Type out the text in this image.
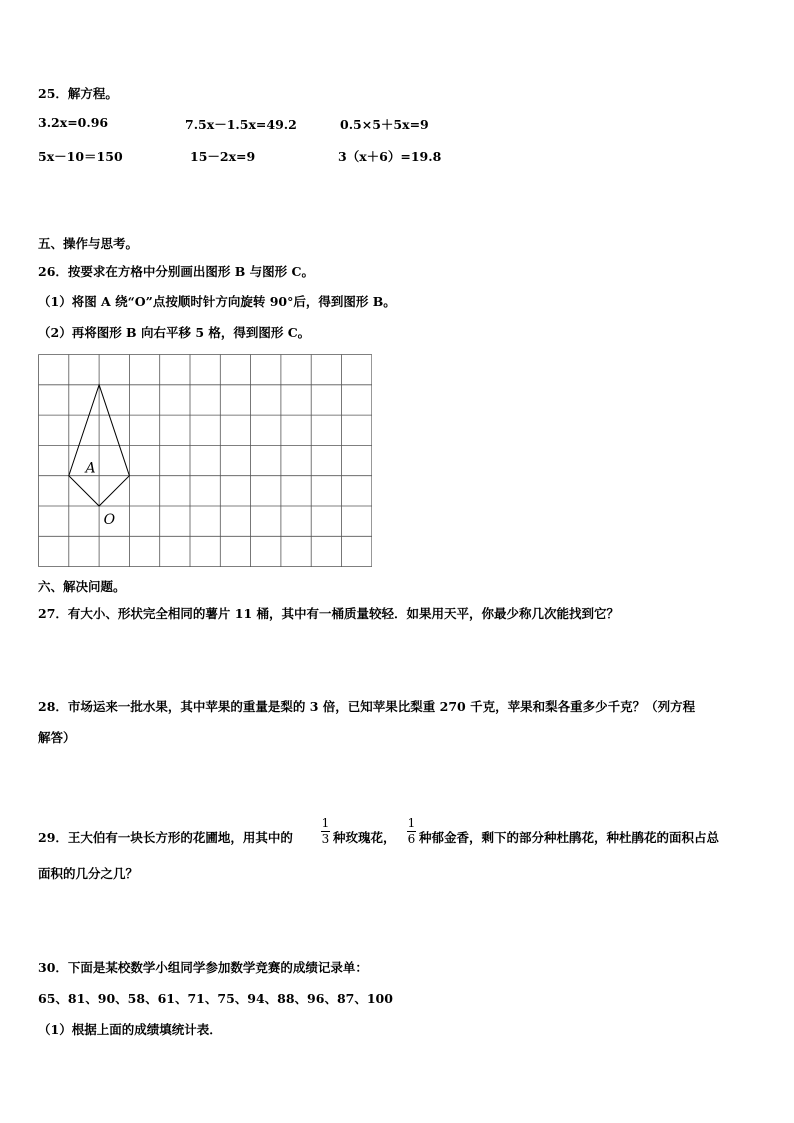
25．解方程。
3.2x=0.96	7.5x－1.5x=49.2	0.5×5＋5x=9
5x－10＝150	15－2x=9	3（x＋6）=19.8
五、操作与思考。
26．按要求在方格中分别画出图形 B 与图形 C。
（1）将图 A 绕“O”点按顺时针方向旋转 90°后，得到图形 B。
（2）再将图形 B 向右平移 5 格，得到图形 C。
A
O
六、解决问题。
27．有大小、形状完全相同的薯片 11 桶，其中有一桶质量较轻．如果用天平，你最少称几次能找到它？
28．市场运来一批水果，其中苹果的重量是梨的 3 倍，已知苹果比梨重 270 千克，苹果和梨各重多少千克？（列方程
解答）
29．王大伯有一块长方形的花圃地，用其中的
1
3 种玫瑰花，
1
6 种郁金香，剩下的部分种杜鹃花，种杜鹃花的面积占总
面积的几分之几？
30．下面是某校数学小组同学参加数学竞赛的成绩记录单：
65、81、90、58、61、71、75、94、88、96、87、100
（1）根据上面的成绩填统计表．
